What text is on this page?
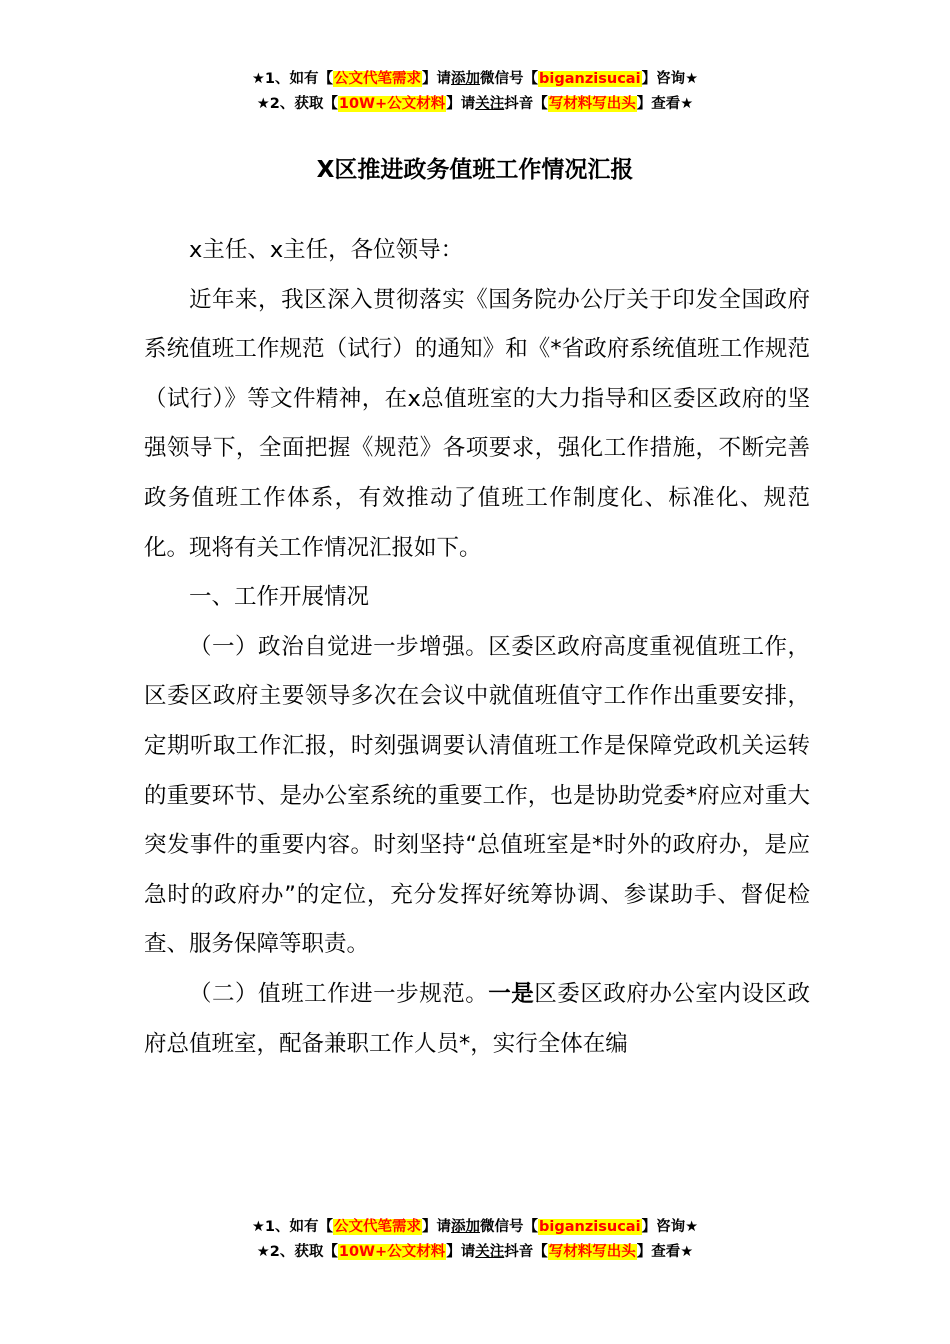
★1、如有【公文代笔需求】请添加微信号【biganzisucai】咨询★
★2、获取【10W+公文材料】请关注抖音【写材料写出头】查看★
X区推进政务值班工作情况汇报

x主任、x主任，各位领导：

近年来，我区深入贯彻落实《国务院办公厅关于印发全国政府系统值班工作规范（试行）的通知》和《*省政府系统值班工作规范（试行）》等文件精神，在x总值班室的大力指导和区委区政府的坚强领导下，全面把握《规范》各项要求，强化工作措施，不断完善政务值班工作体系，有效推动了值班工作制度化、标准化、规范化。现将有关工作情况汇报如下。

一、工作开展情况

（一）政治自觉进一步增强。区委区政府高度重视值班工作，区委区政府主要领导多次在会议中就值班值守工作作出重要安排，定期听取工作汇报，时刻强调要认清值班工作是保障党政机关运转的重要环节、是办公室系统的重要工作，也是协助党委*府应对重大突发事件的重要内容。时刻坚持“总值班室是*时外的政府办，是应急时的政府办”的定位，充分发挥好统筹协调、参谋助手、督促检查、服务保障等职责。

（二）值班工作进一步规范。一是区委区政府办公室内设区政府总值班室，配备兼职工作人员*，实行全体在编

★1、如有【公文代笔需求】请添加微信号【biganzisucai】咨询★
★2、获取【10W+公文材料】请关注抖音【写材料写出头】查看★
